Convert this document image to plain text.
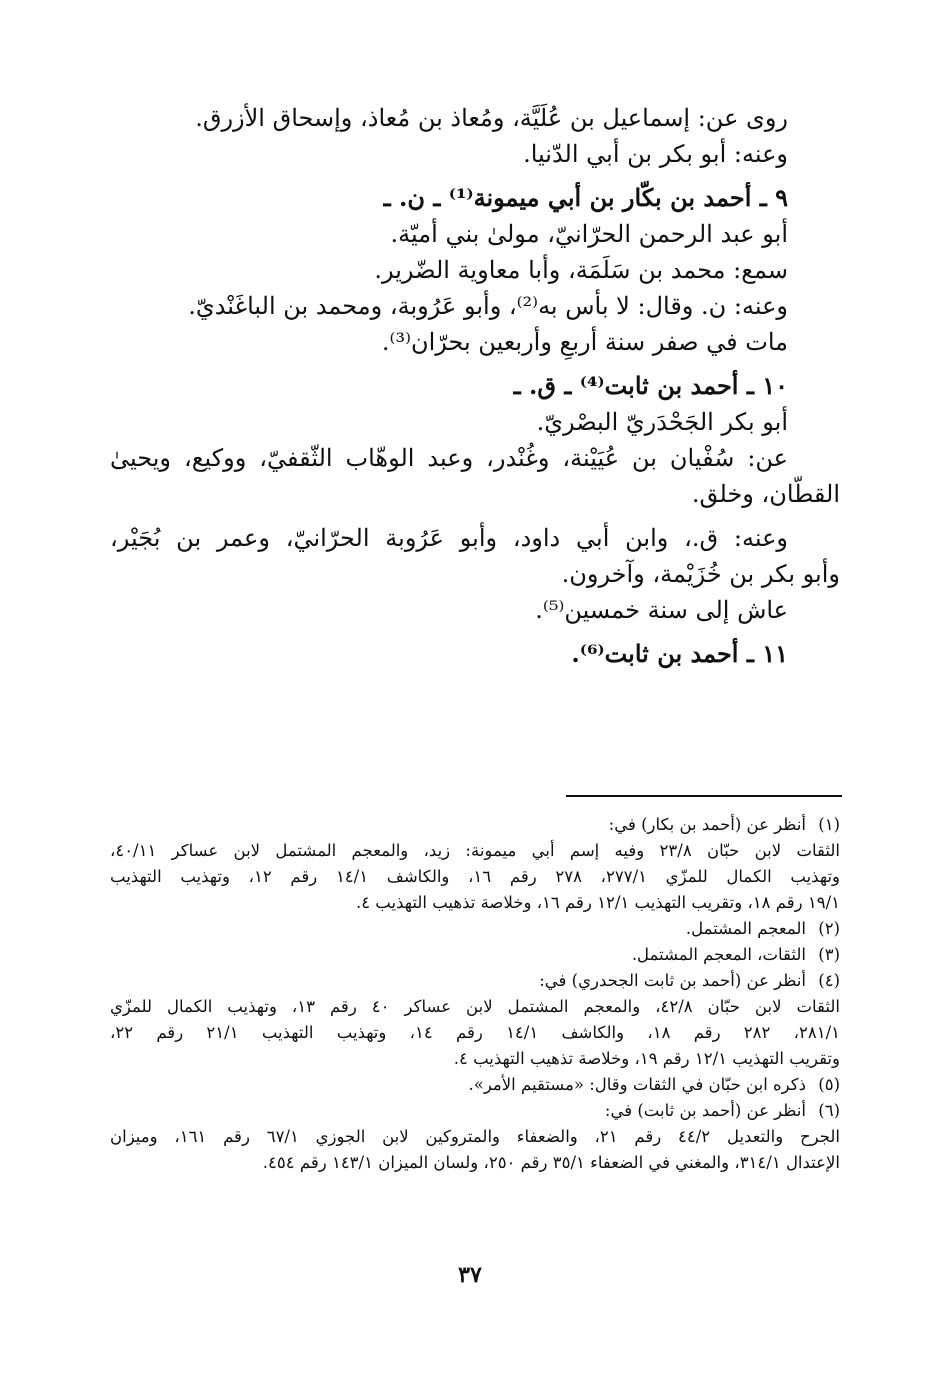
روى عن: إسماعيل بن عُلَيَّة، ومُعاذ بن مُعاذ، وإسحاق الأزرق.
وعنه: أبو بكر بن أبي الدّنيا.
٩ ـ أحمد بن بكّار بن أبي ميمونة⁽¹⁾ ـ ن. ـ
أبو عبد الرحمن الحرّانيّ، مولىٰ بني أميّة.
سمع: محمد بن سَلَمَة، وأبا معاوية الضّرير.
وعنه: ن. وقال: لا بأس به⁽²⁾، وأبو عَرُوبة، ومحمد بن الباغَنْديّ.
مات في صفر سنة أربعٍ وأربعين بحرّان⁽³⁾.
١٠ ـ أحمد بن ثابت⁽⁴⁾ ـ ق. ـ
أبو بكر الجَحْدَريّ البصْريّ.
عن: سُفْيان بن عُيَيْنة، وغُنْدر، وعبد الوهّاب الثّقفيّ، ووكيع، ويحيىٰ
القطّان، وخلق.
وعنه: ق.، وابن أبي داود، وأبو عَرُوبة الحرّانيّ، وعمر بن بُجَيْر،
وأبو بكر بن خُزَيْمة، وآخرون.
عاش إلى سنة خمسين⁽⁵⁾.
١١ ـ أحمد بن ثابت⁽⁶⁾.
(١)
أنظر عن (أحمد بن بكار) في:
الثقات لابن حبّان ٢٣/٨ وفيه إسم أبي ميمونة: زيد، والمعجم المشتمل لابن عساكر ٤٠/١١،
وتهذيب الكمال للمزّي ٢٧٧/١، ٢٧٨ رقم ١٦، والكاشف ١٤/١ رقم ١٢، وتهذيب التهذيب
١٩/١ رقم ١٨، وتقريب التهذيب ١٢/١ رقم ١٦، وخلاصة تذهيب التهذيب ٤.
(٢)
المعجم المشتمل.
(٣)
الثقات، المعجم المشتمل.
(٤)
أنظر عن (أحمد بن ثابت الجحدري) في:
الثقات لابن حبّان ٤٢/٨، والمعجم المشتمل لابن عساكر ٤٠ رقم ١٣، وتهذيب الكمال للمزّي
٢٨١/١، ٢٨٢ رقم ١٨، والكاشف ١٤/١ رقم ١٤، وتهذيب التهذيب ٢١/١ رقم ٢٢،
وتقريب التهذيب ١٢/١ رقم ١٩، وخلاصة تذهيب التهذيب ٤.
(٥)
ذكره ابن حبّان في الثقات وقال: «مستقيم الأمر».
(٦)
أنظر عن (أحمد بن ثابت) في:
الجرح والتعديل ٤٤/٢ رقم ٢١، والضعفاء والمتروكين لابن الجوزي ٦٧/١ رقم ١٦١، وميزان
الإعتدال ٣١٤/١، والمغني في الضعفاء ٣٥/١ رقم ٢٥٠، ولسان الميزان ١٤٣/١ رقم ٤٥٤.
٣٧
